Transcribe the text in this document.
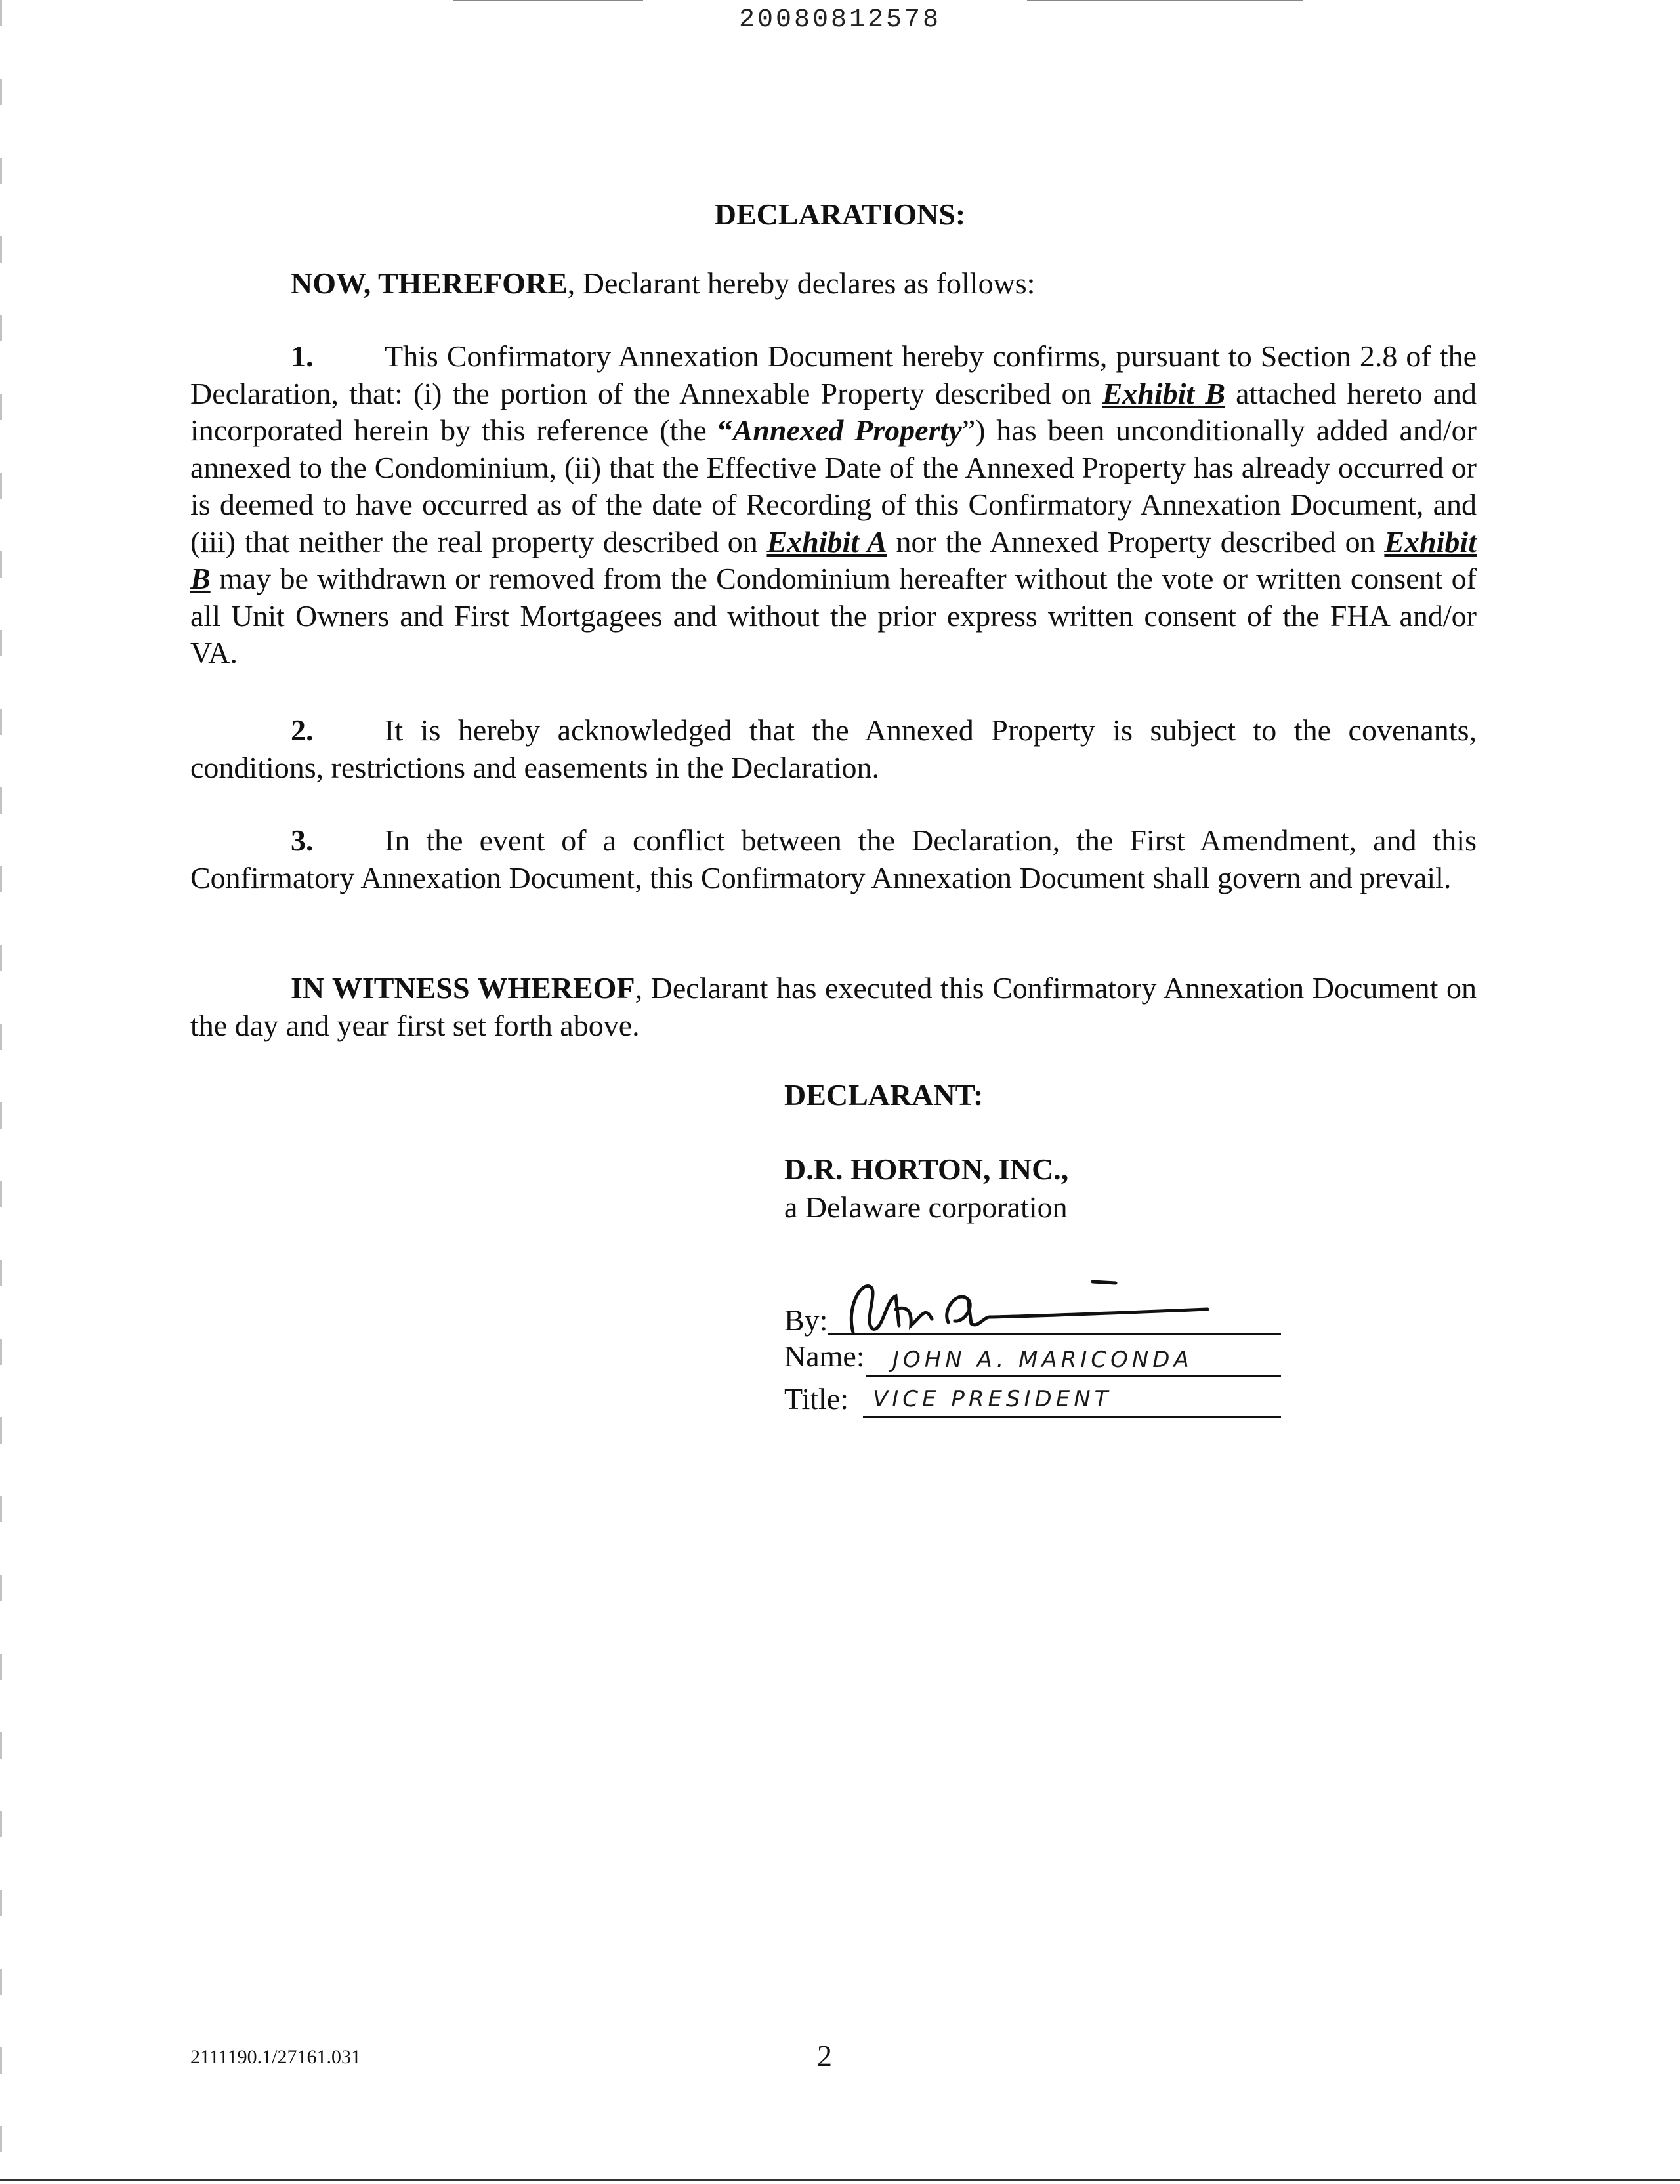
20080812578
DECLARATIONS:
NOW, THEREFORE, Declarant hereby declares as follows:
1. This Confirmatory Annexation Document hereby confirms, pursuant to Section 2.8 of the Declaration, that: (i) the portion of the Annexable Property described on Exhibit B attached hereto and incorporated herein by this reference (the “Annexed Property”) has been unconditionally added and/or annexed to the Condominium, (ii) that the Effective Date of the Annexed Property has already occurred or is deemed to have occurred as of the date of Recording of this Confirmatory Annexation Document, and (iii) that neither the real property described on Exhibit A nor the Annexed Property described on Exhibit B may be withdrawn or removed from the Condominium hereafter without the vote or written consent of all Unit Owners and First Mortgagees and without the prior express written consent of the FHA and/or VA.
2. It is hereby acknowledged that the Annexed Property is subject to the covenants, conditions, restrictions and easements in the Declaration.
3. In the event of a conflict between the Declaration, the First Amendment, and this Confirmatory Annexation Document, this Confirmatory Annexation Document shall govern and prevail.
IN WITNESS WHEREOF, Declarant has executed this Confirmatory Annexation Document on the day and year first set forth above.
DECLARANT:
D.R. HORTON, INC.,
a Delaware corporation
By:
Name: JOHN A. MARICONDA
Title: VICE PRESIDENT
2111190.1/27161.031	2
